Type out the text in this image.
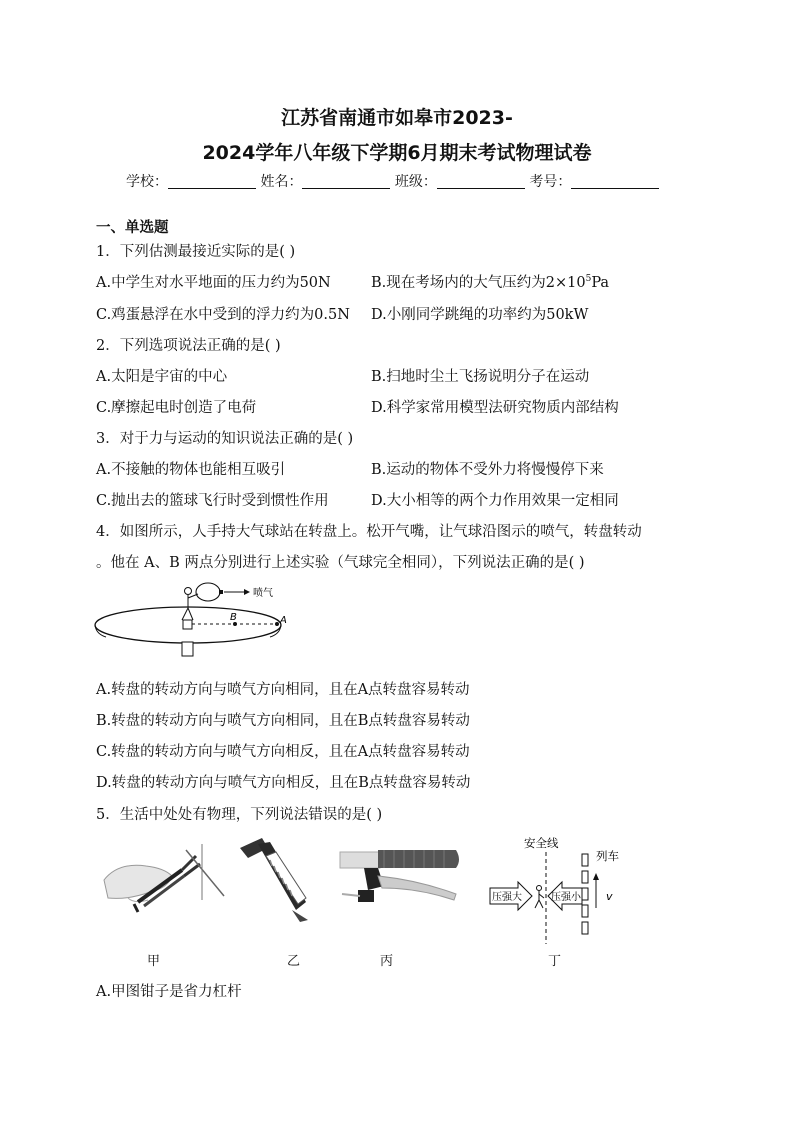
江苏省南通市如皋市2023-
2024学年八年级下学期6月期末考试物理试卷
学校：	姓名：	班级：	考号：
一、单选题
1．下列估测最接近实际的是( )
A.中学生对水平地面的压力约为50N	B.现在考场内的大气压约为$2\times 10^5Pa$
C.鸡蛋悬浮在水中受到的浮力约为0.5N D.小刚同学跳绳的功率约为50kW
2．下列选项说法正确的是( )
A.太阳是宇宙的中心	B.扫地时尘土飞扬说明分子在运动
C.摩擦起电时创造了电荷	D.科学家常用模型法研究物质内部结构
3．对于力与运动的知识说法正确的是( )
A.不接触的物体也能相互吸引	B.运动的物体不受外力将慢慢停下来
C.抛出去的篮球飞行时受到惯性作用	D.大小相等的两个力作用效果一定相同
4．如图所示，人手持大气球站在转盘上。松开气嘴，让气球沿图示的喷气，转盘转动
。他在 A、B 两点分别进行上述实验（气球完全相同），下列说法正确的是( )
B	A
喷气
A.转盘的转动方向与喷气方向相同，且在A点转盘容易转动
B.转盘的转动方向与喷气方向相同，且在B点转盘容易转动
C.转盘的转动方向与喷气方向相反，且在A点转盘容易转动
D.转盘的转动方向与喷气方向相反，且在B点转盘容易转动
5．生活中处处有物理，下列说法错误的是( )
甲	乙	丙
安全线
列车
v
压强大	压强小
丁
A.甲图钳子是省力杠杆
